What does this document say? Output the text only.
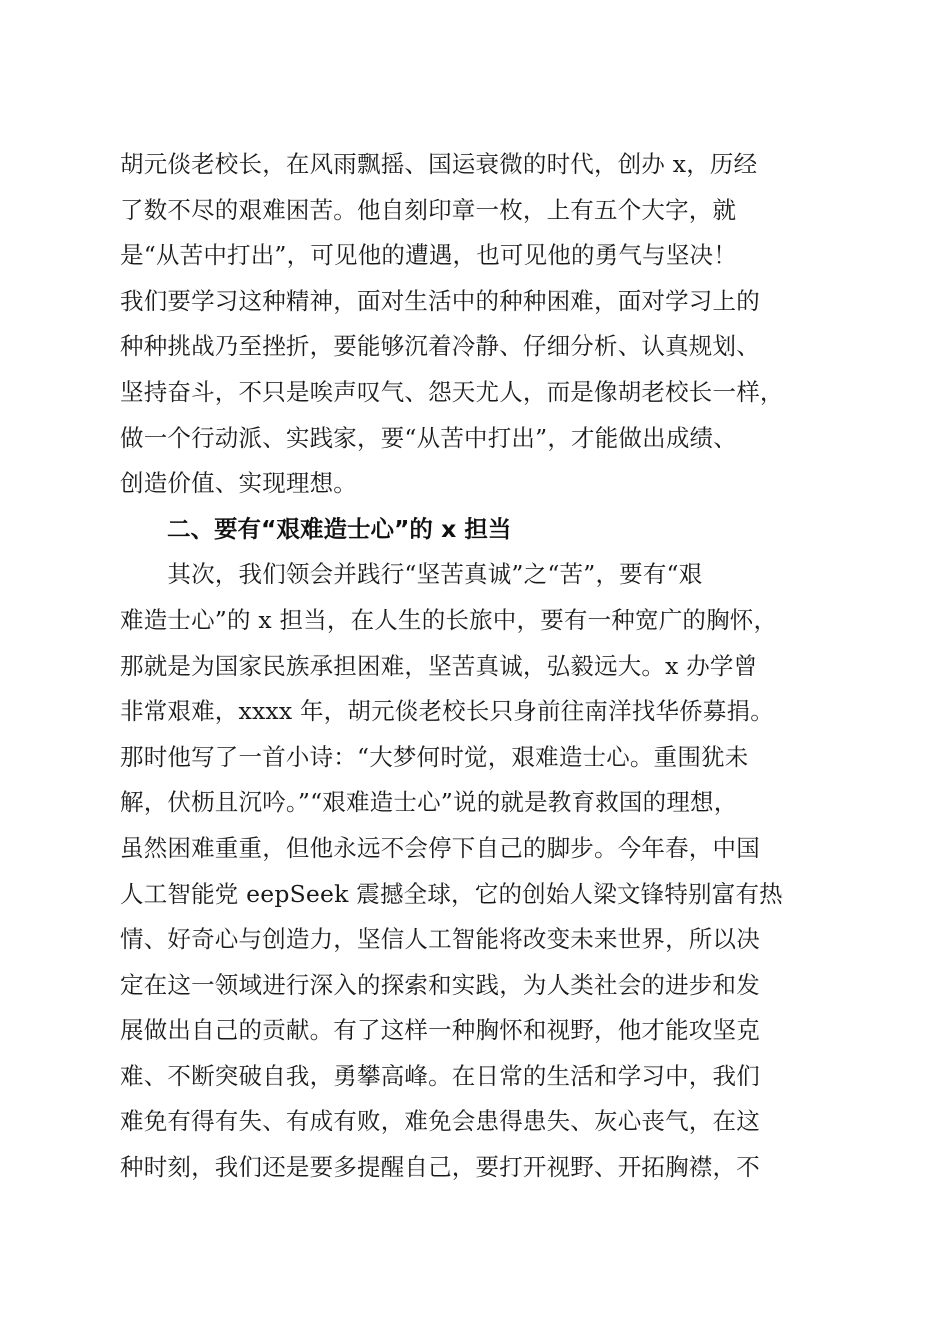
胡元倓老校长，在风雨飘摇、国运衰微的时代，创办 x，历经
了数不尽的艰难困苦。他自刻印章一枚，上有五个大字，就
是“从苦中打出”，可见他的遭遇，也可见他的勇气与坚决！
我们要学习这种精神，面对生活中的种种困难，面对学习上的
种种挑战乃至挫折，要能够沉着冷静、仔细分析、认真规划、
坚持奋斗，不只是唉声叹气、怨天尤人，而是像胡老校长一样，
做一个行动派、实践家，要“从苦中打出”，才能做出成绩、
创造价值、实现理想。
二、要有“艰难造士心”的 x 担当
　　其次，我们领会并践行“坚苦真诚”之“苦”，要有“艰
难造士心”的 x 担当，在人生的长旅中，要有一种宽广的胸怀，
那就是为国家民族承担困难，坚苦真诚，弘毅远大。x 办学曾
非常艰难，xxxx 年，胡元倓老校长只身前往南洋找华侨募捐。
那时他写了一首小诗：“大梦何时觉，艰难造士心。重围犹未
解，伏枥且沉吟。”“艰难造士心”说的就是教育救国的理想，
虽然困难重重，但他永远不会停下自己的脚步。今年春，中国
人工智能党 eepSeek 震撼全球，它的创始人梁文锋特别富有热
情、好奇心与创造力，坚信人工智能将改变未来世界，所以决
定在这一领域进行深入的探索和实践，为人类社会的进步和发
展做出自己的贡献。有了这样一种胸怀和视野，他才能攻坚克
难、不断突破自我，勇攀高峰。在日常的生活和学习中，我们
难免有得有失、有成有败，难免会患得患失、灰心丧气，在这
种时刻，我们还是要多提醒自己，要打开视野、开拓胸襟，不
